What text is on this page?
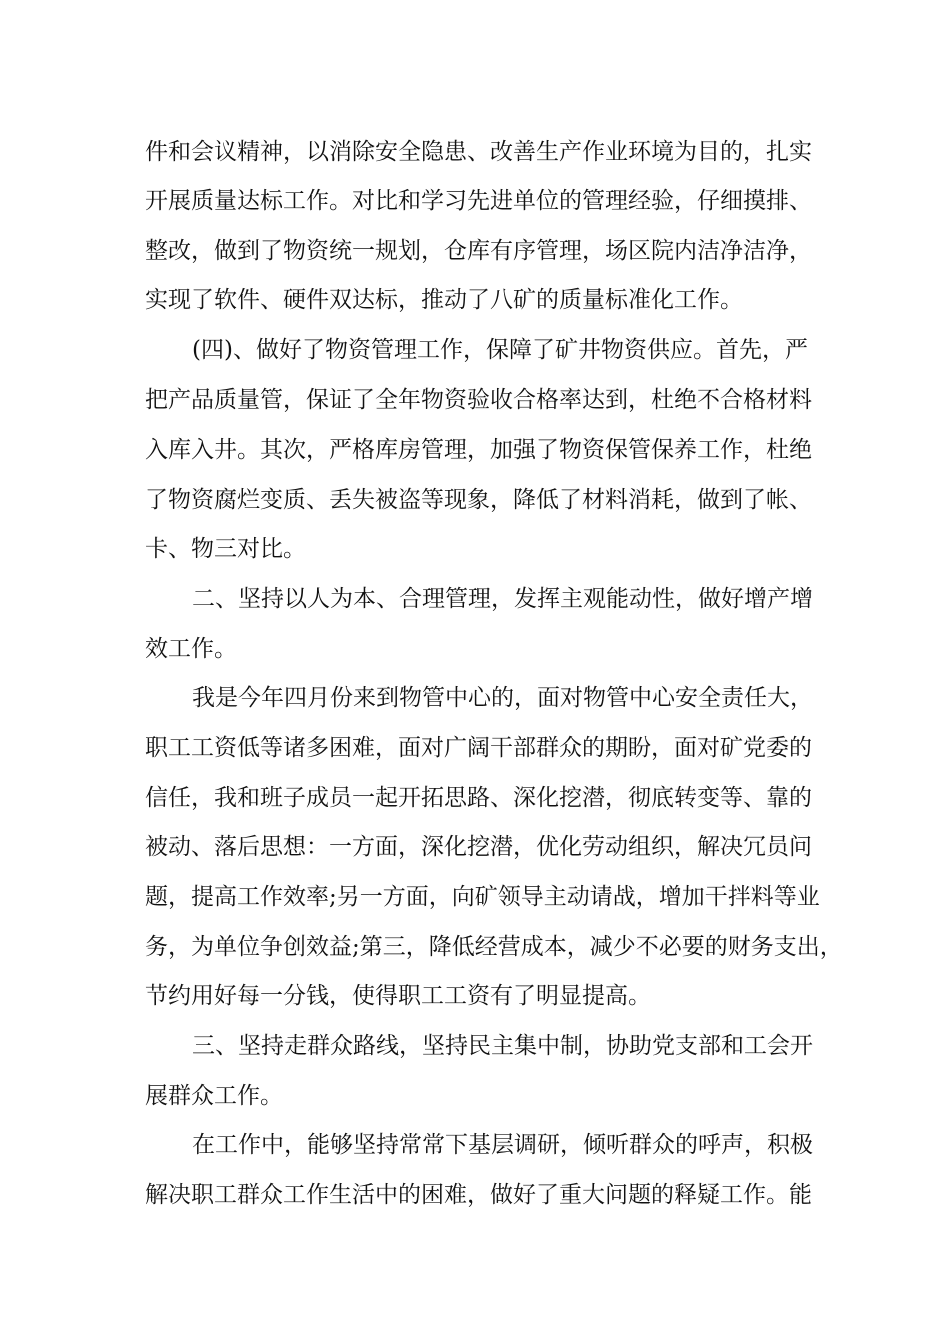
件和会议精神，以消除安全隐患、改善生产作业环境为目的，扎实

开展质量达标工作。对比和学习先进单位的管理经验，仔细摸排、

整改，做到了物资统一规划，仓库有序管理，场区院内洁净洁净，

实现了软件、硬件双达标，推动了八矿的质量标准化工作。

(四)、做好了物资管理工作，保障了矿井物资供应。首先，严

把产品质量管，保证了全年物资验收合格率达到，杜绝不合格材料

入库入井。其次，严格库房管理，加强了物资保管保养工作，杜绝

了物资腐烂变质、丢失被盗等现象，降低了材料消耗，做到了帐、

卡、物三对比。

二、坚持以人为本、合理管理，发挥主观能动性，做好增产增

效工作。

我是今年四月份来到物管中心的，面对物管中心安全责任大，

职工工资低等诸多困难，面对广阔干部群众的期盼，面对矿党委的

信任，我和班子成员一起开拓思路、深化挖潜，彻底转变等、靠的

被动、落后思想：一方面，深化挖潜，优化劳动组织，解决冗员问

题，提高工作效率;另一方面，向矿领导主动请战，增加干拌料等业

务，为单位争创效益;第三，降低经营成本，减少不必要的财务支出，

节约用好每一分钱，使得职工工资有了明显提高。

三、坚持走群众路线，坚持民主集中制，协助党支部和工会开

展群众工作。

在工作中，能够坚持常常下基层调研，倾听群众的呼声，积极

解决职工群众工作生活中的困难，做好了重大问题的释疑工作。能
